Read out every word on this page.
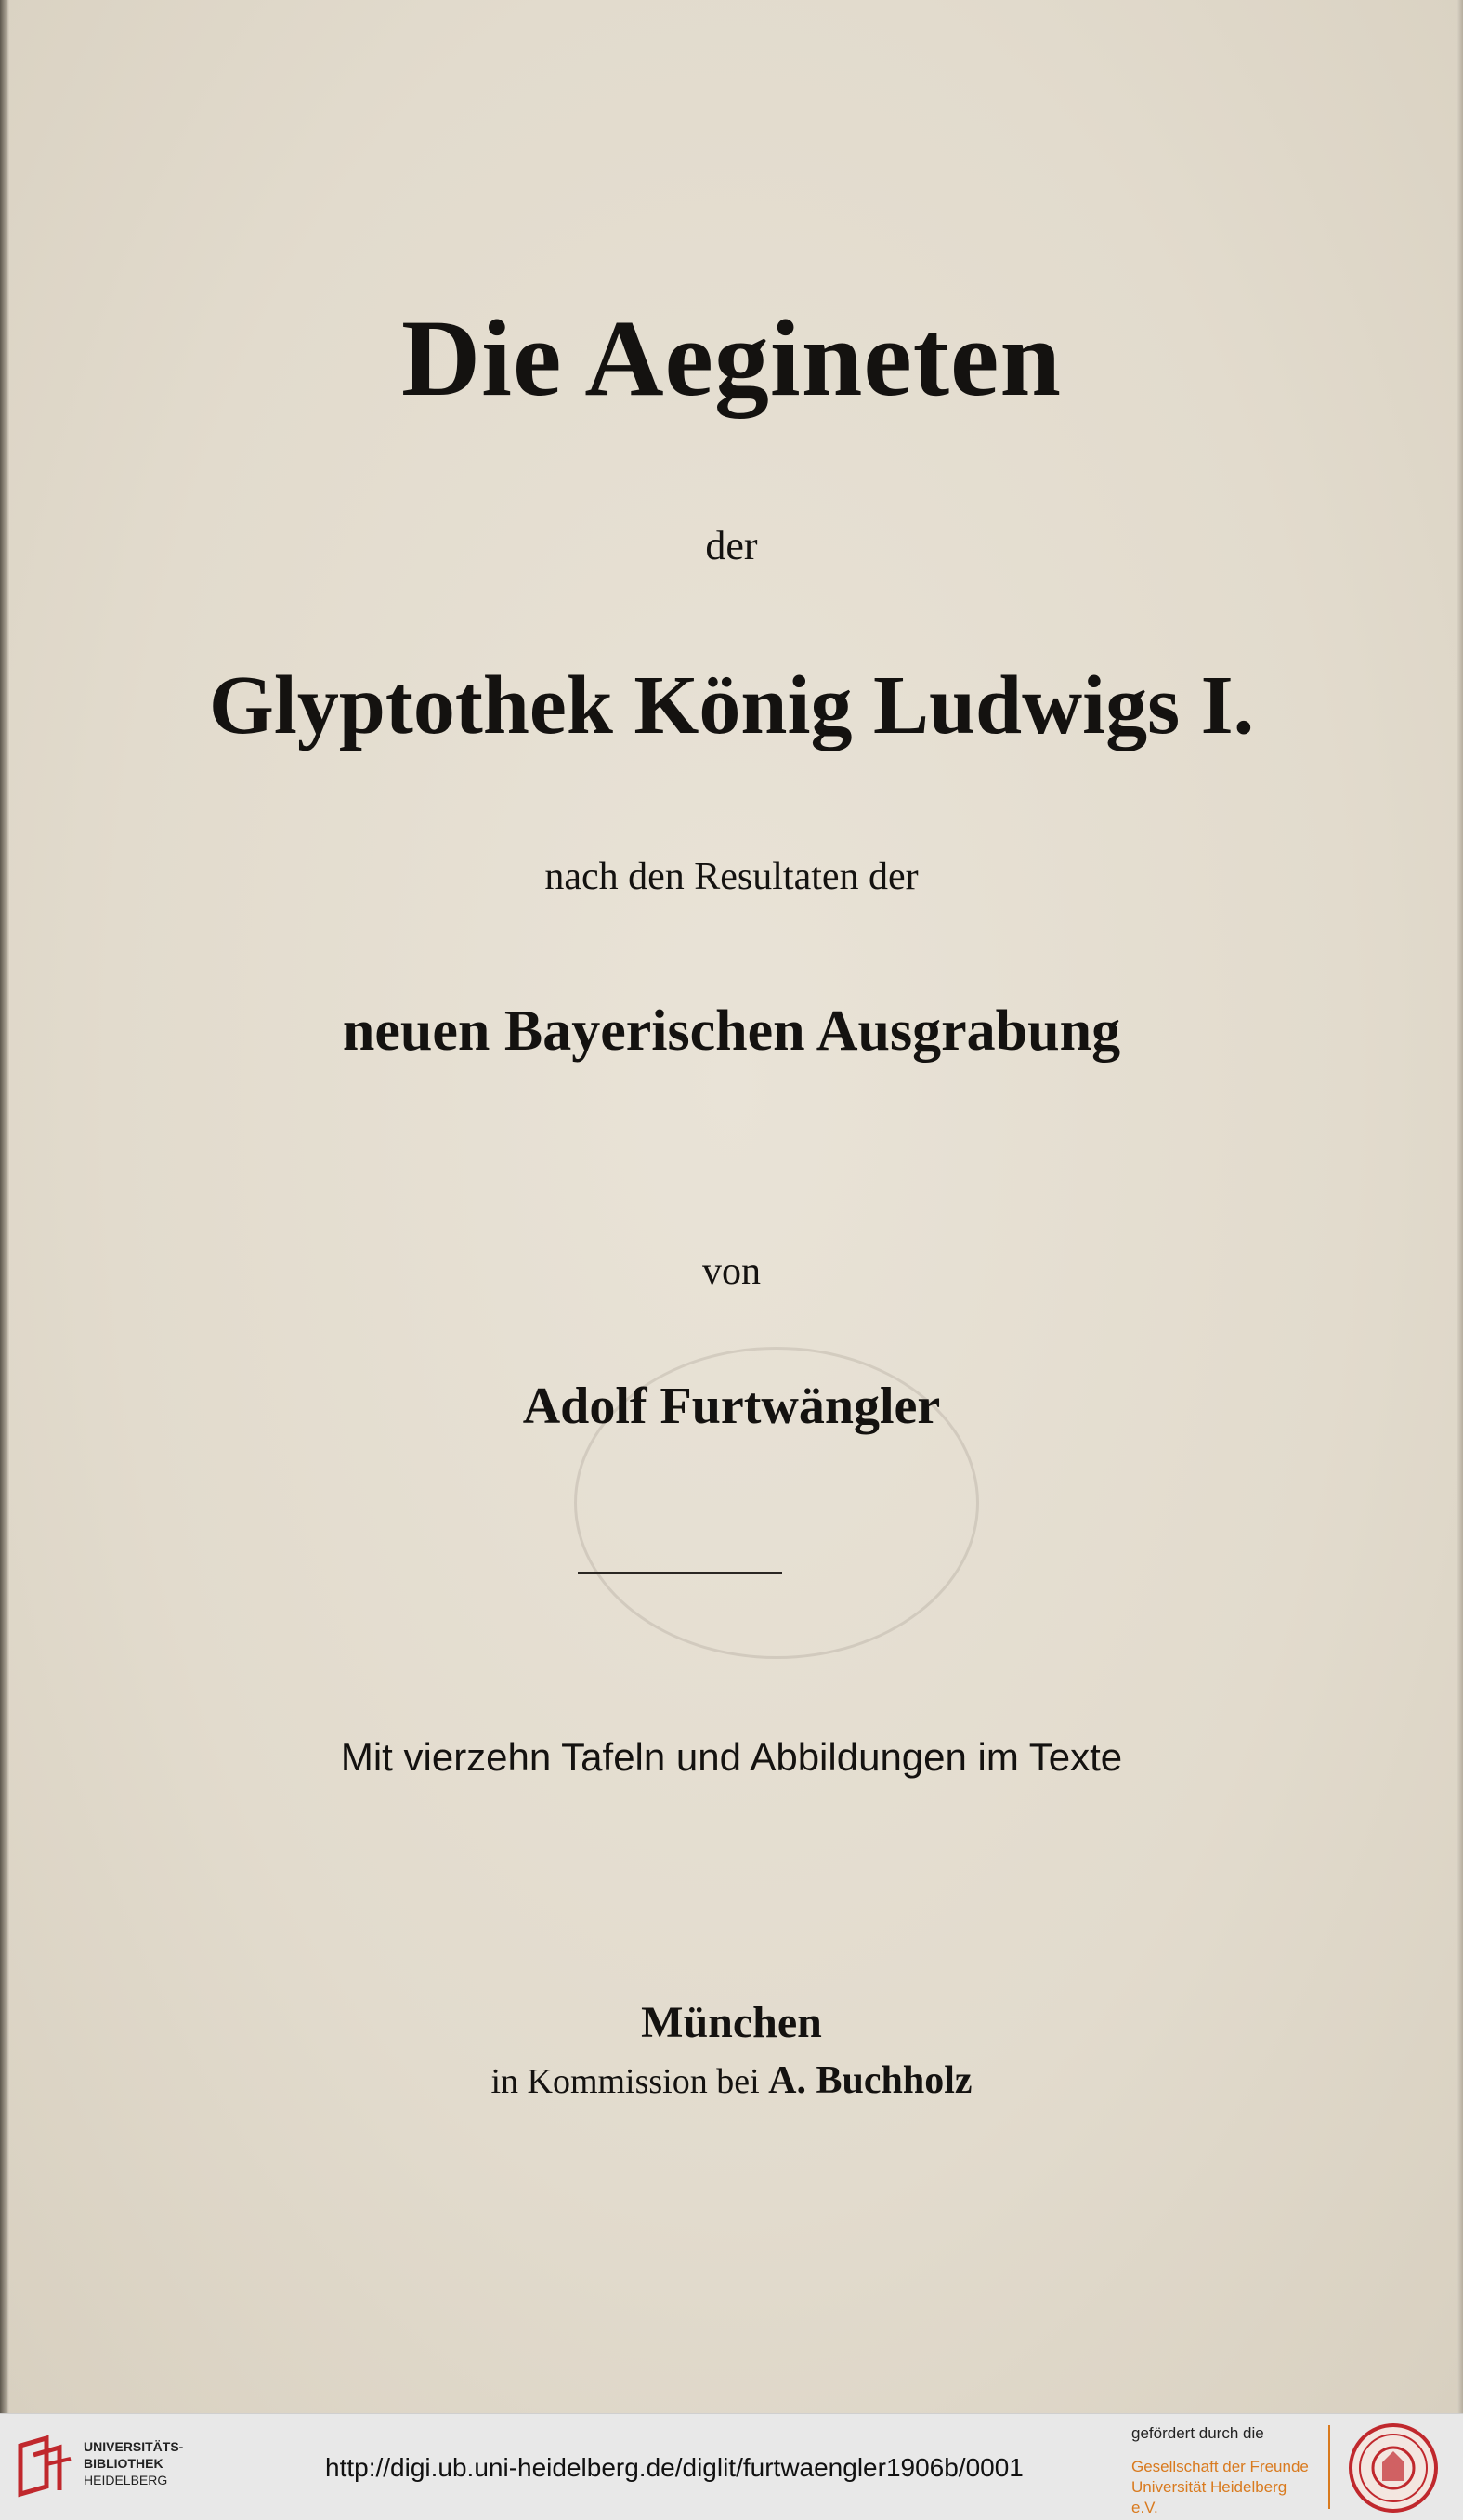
Die Aegineten
der
Glyptothek König Ludwigs I.
nach den Resultaten der
neuen Bayerischen Ausgrabung
von
Adolf Furtwängler
Mit vierzehn Tafeln und Abbildungen im Texte
München
in Kommission bei A. Buchholz
UNIVERSITÄTS-
BIBLIOTHEK
HEIDELBERG	http://digi.ub.uni-heidelberg.de/diglit/furtwaengler1906b/0001
gefördert durch die
Gesellschaft der Freunde
Universität Heidelberg e.V.
